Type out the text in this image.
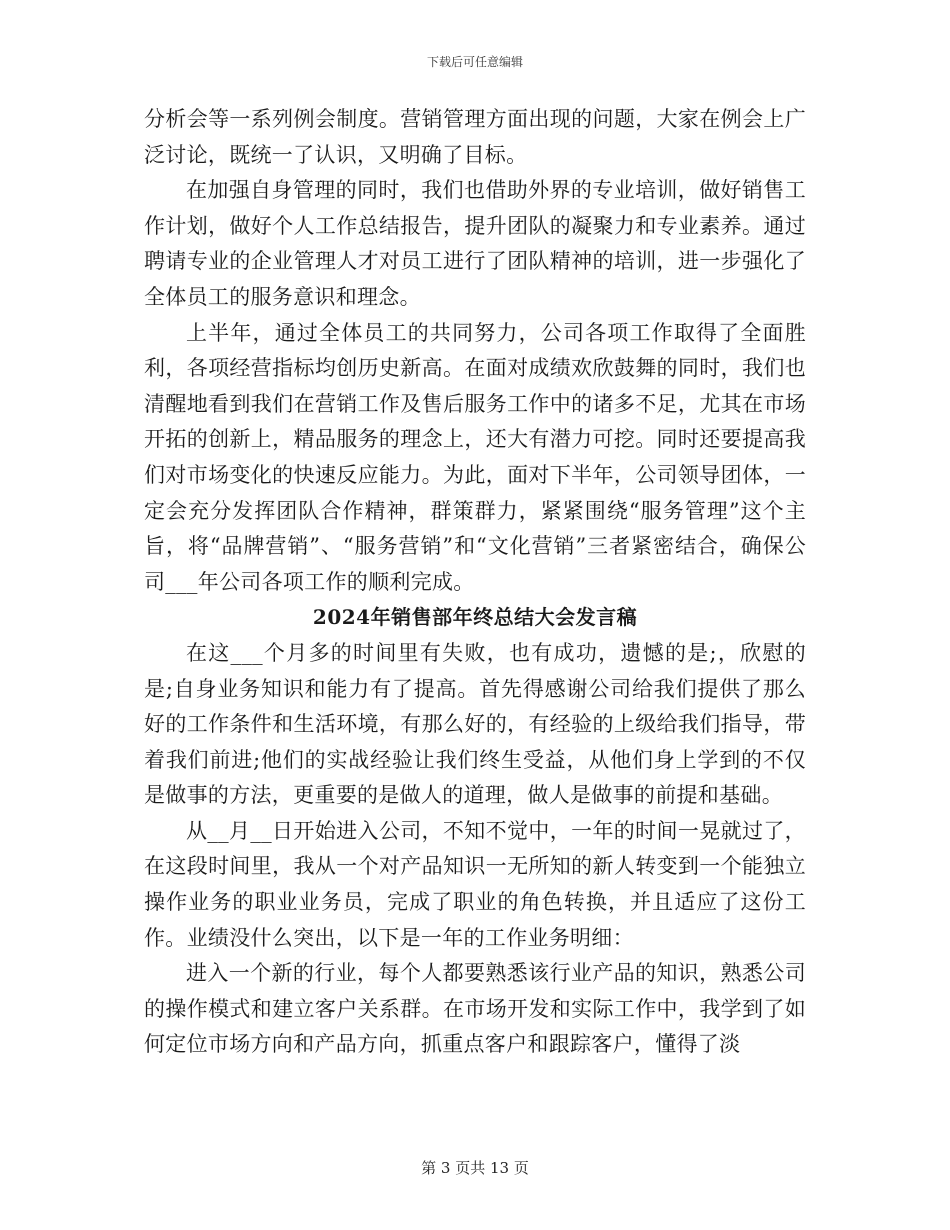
下载后可任意编辑

分析会等一系列例会制度。营销管理方面出现的问题，大家在例会上广泛讨论，既统一了认识，又明确了目标。

在加强自身管理的同时，我们也借助外界的专业培训，做好销售工作计划，做好个人工作总结报告，提升团队的凝聚力和专业素养。通过聘请专业的企业管理人才对员工进行了团队精神的培训，进一步强化了全体员工的服务意识和理念。

上半年，通过全体员工的共同努力，公司各项工作取得了全面胜利，各项经营指标均创历史新高。在面对成绩欢欣鼓舞的同时，我们也清醒地看到我们在营销工作及售后服务工作中的诸多不足，尤其在市场开拓的创新上，精品服务的理念上，还大有潜力可挖。同时还要提高我们对市场变化的快速反应能力。为此，面对下半年，公司领导团体，一定会充分发挥团队合作精神，群策群力，紧紧围绕“服务管理”这个主旨，将“品牌营销”、“服务营销”和“文化营销”三者紧密结合，确保公司___年公司各项工作的顺利完成。

2024年销售部年终总结大会发言稿

在这___个月多的时间里有失败，也有成功，遗憾的是;，欣慰的是;自身业务知识和能力有了提高。首先得感谢公司给我们提供了那么好的工作条件和生活环境，有那么好的，有经验的上级给我们指导，带着我们前进;他们的实战经验让我们终生受益，从他们身上学到的不仅是做事的方法，更重要的是做人的道理，做人是做事的前提和基础。

从__月__日开始进入公司，不知不觉中，一年的时间一晃就过了，在这段时间里，我从一个对产品知识一无所知的新人转变到一个能独立操作业务的职业业务员，完成了职业的角色转换，并且适应了这份工作。业绩没什么突出，以下是一年的工作业务明细：

进入一个新的行业，每个人都要熟悉该行业产品的知识，熟悉公司的操作模式和建立客户关系群。在市场开发和实际工作中，我学到了如何定位市场方向和产品方向，抓重点客户和跟踪客户，懂得了淡

第 3 页共 13 页
